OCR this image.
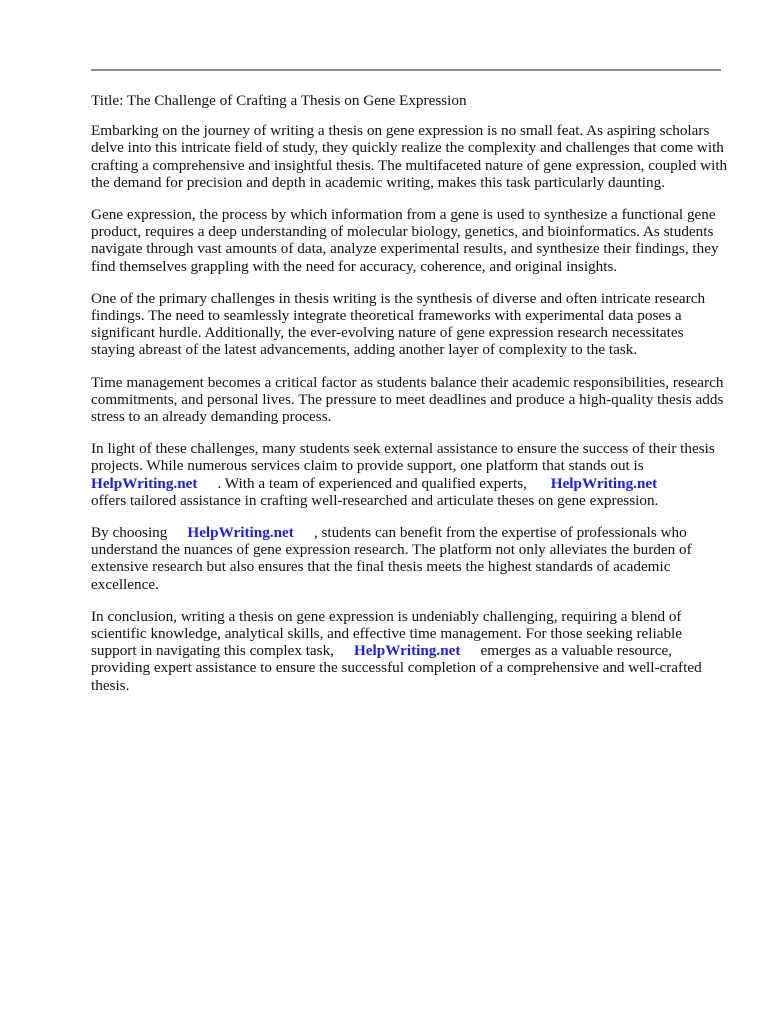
Title: The Challenge of Crafting a Thesis on Gene Expression

Embarking on the journey of writing a thesis on gene expression is no small feat. As aspiring scholars delve into this intricate field of study, they quickly realize the complexity and challenges that come with crafting a comprehensive and insightful thesis. The multifaceted nature of gene expression, coupled with the demand for precision and depth in academic writing, makes this task particularly daunting.

Gene expression, the process by which information from a gene is used to synthesize a functional gene product, requires a deep understanding of molecular biology, genetics, and bioinformatics. As students navigate through vast amounts of data, analyze experimental results, and synthesize their findings, they find themselves grappling with the need for accuracy, coherence, and original insights.

One of the primary challenges in thesis writing is the synthesis of diverse and often intricate research findings. The need to seamlessly integrate theoretical frameworks with experimental data poses a significant hurdle. Additionally, the ever-evolving nature of gene expression research necessitates staying abreast of the latest advancements, adding another layer of complexity to the task.

Time management becomes a critical factor as students balance their academic responsibilities, research commitments, and personal lives. The pressure to meet deadlines and produce a high-quality thesis adds stress to an already demanding process.

In light of these challenges, many students seek external assistance to ensure the success of their thesis projects. While numerous services claim to provide support, one platform that stands out is
HelpWriting.net . With a team of experienced and qualified experts, HelpWriting.net
offers tailored assistance in crafting well-researched and articulate theses on gene expression.

By choosing HelpWriting.net , students can benefit from the expertise of professionals who understand the nuances of gene expression research. The platform not only alleviates the burden of extensive research but also ensures that the final thesis meets the highest standards of academic excellence.

In conclusion, writing a thesis on gene expression is undeniably challenging, requiring a blend of scientific knowledge, analytical skills, and effective time management. For those seeking reliable support in navigating this complex task, HelpWriting.net emerges as a valuable resource, providing expert assistance to ensure the successful completion of a comprehensive and well-crafted thesis.
